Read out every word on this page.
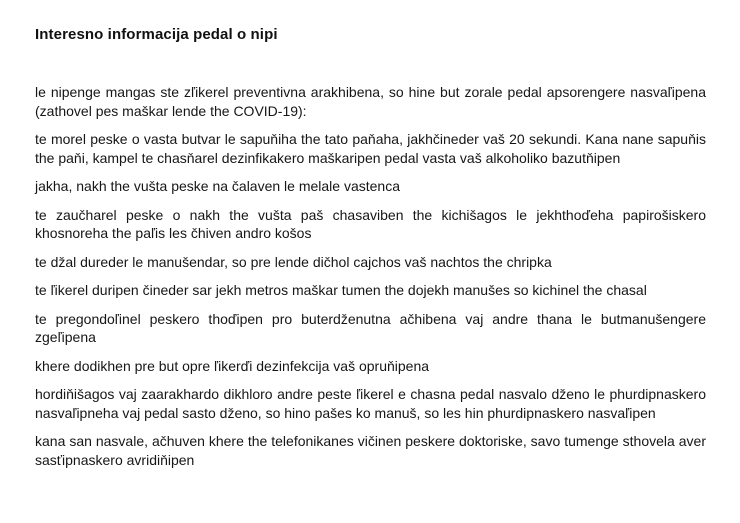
Interesno informacija pedal o nipi

le nipenge mangas ste zľikerel preventivna arakhibena, so hine but zorale pedal apsorengere nasvaľipena (zathovel pes maškar lende the COVID-19):

te morel peske o vasta butvar le sapuňiha the tato paňaha, jakhčineder vaš 20 sekundi. Kana nane sapuňis the paňi, kampel te chasňarel dezinfikakero maškaripen pedal vasta vaš alkoholiko bazutňipen

jakha, nakh the vušta peske na čalaven le melale vastenca

te zaučharel peske o nakh the vušta paš chasaviben the kichišagos le jekhthoďeha papirošiskero khosnoreha the paľis les čhiven andro košos

te džal dureder le manušendar, so pre lende dičhol cajchos vaš nachtos the chripka

te ľikerel duripen čineder sar jekh metros maškar tumen the dojekh manušes so kichinel the chasal

te pregondoľinel peskero thoďipen pro buterdženutna ačhibena vaj andre thana le butmanušengere zgeľipena

khere dodikhen pre but opre ľikerďi dezinfekcija vaš opruňipena

hordiňišagos vaj zaarakhardo dikhloro andre peste ľikerel e chasna pedal nasvalo dženo le phurdipnaskero nasvaľipneha vaj pedal sasto dženo, so hino pašes ko manuš, so les hin phurdipnaskero nasvaľipen

kana san nasvale, ačhuven khere the telefonikanes vičinen peskere doktoriske, savo tumenge sthovela aver sasťipnaskero avridiňipen
